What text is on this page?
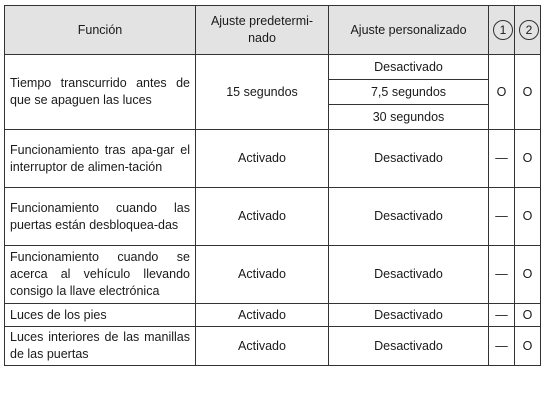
Función	Ajuste predetermi-nado	Ajuste personalizado	1	2
Tiempo transcurrido antes de que se apaguen las luces	15 segundos	Desactivado	O	O
		7,5 segundos		
		30 segundos		
Funcionamiento tras apa-gar el interruptor de alimen-tación	Activado	Desactivado	—	O
Funcionamiento cuando las puertas están desbloquea-das	Activado	Desactivado	—	O
Funcionamiento cuando se acerca al vehículo llevando consigo la llave electrónica	Activado	Desactivado	—	O
Luces de los pies	Activado	Desactivado	—	O
Luces interiores de las manillas de las puertas	Activado	Desactivado	—	O
